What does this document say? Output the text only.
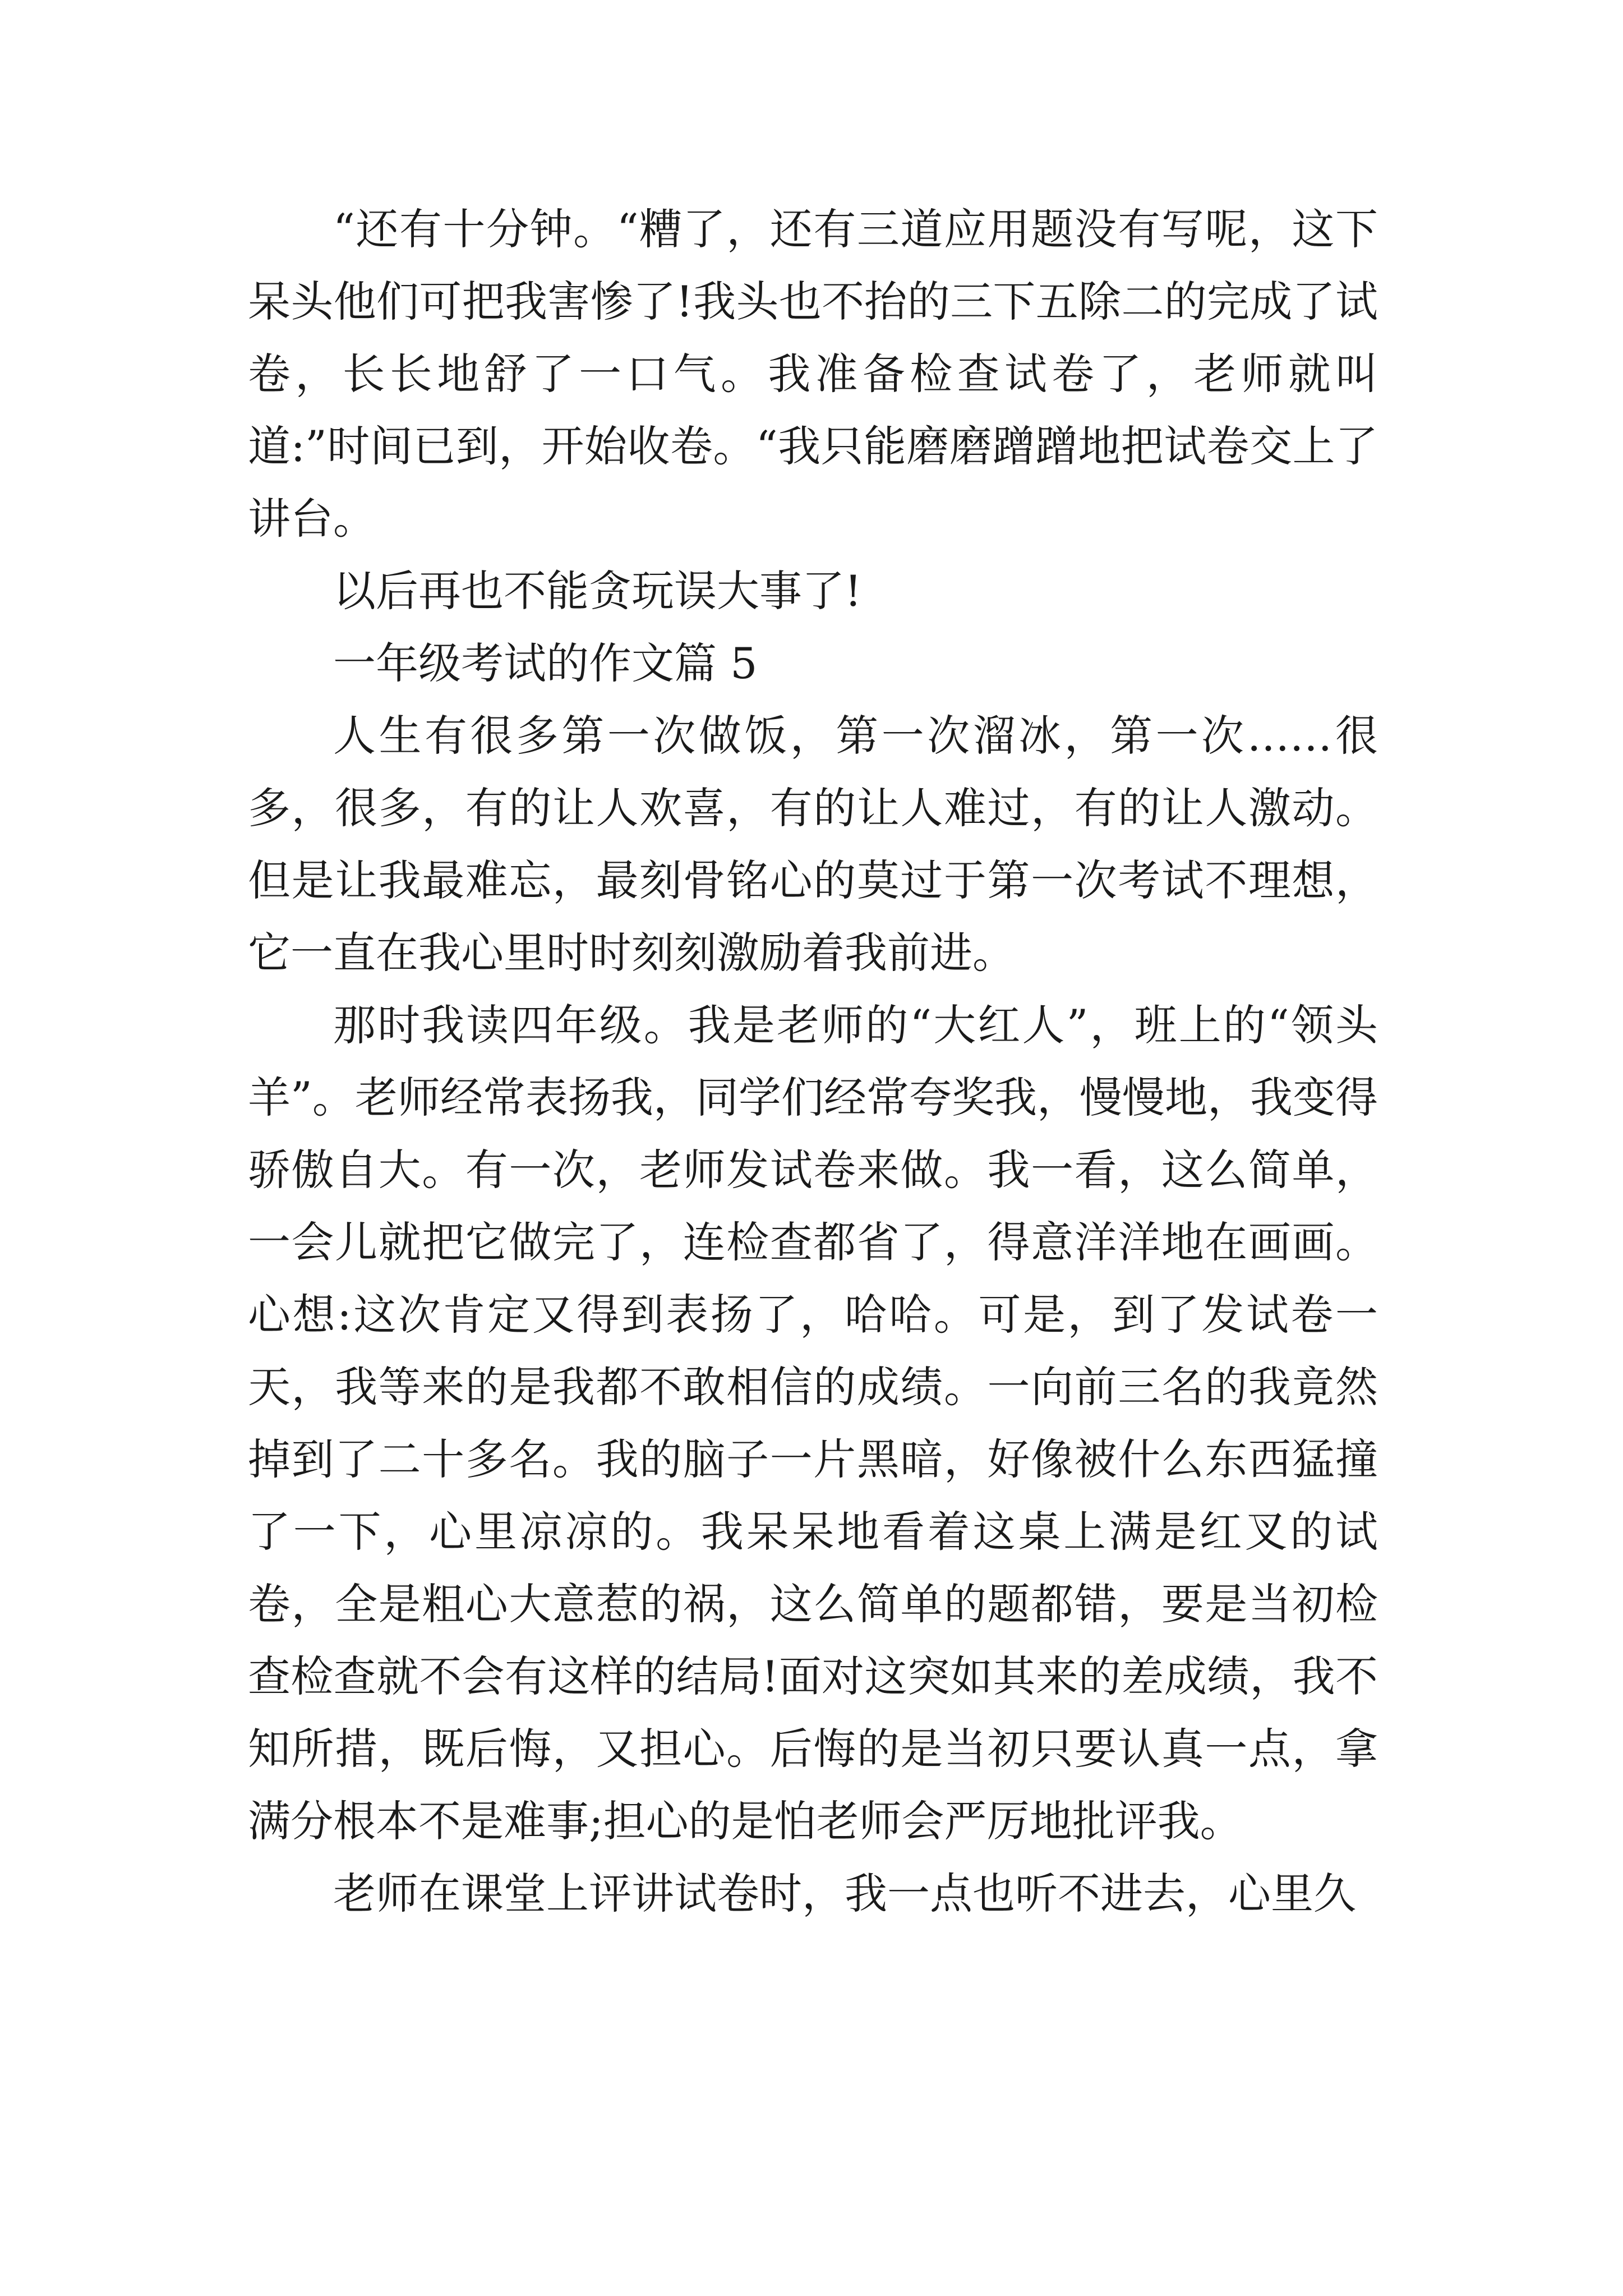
“还有十分钟。“糟了，还有三道应用题没有写呢，这下呆头他们可把我害惨了!我头也不抬的三下五除二的完成了试卷，长长地舒了一口气。我准备检查试卷了，老师就叫道:”时间已到，开始收卷。“我只能磨磨蹭蹭地把试卷交上了讲台。

以后再也不能贪玩误大事了!

一年级考试的作文篇 5

人生有很多第一次做饭，第一次溜冰，第一次……很多，很多，有的让人欢喜，有的让人难过，有的让人激动。但是让我最难忘，最刻骨铭心的莫过于第一次考试不理想，它一直在我心里时时刻刻激励着我前进。

那时我读四年级。我是老师的“大红人”，班上的“领头羊”。老师经常表扬我，同学们经常夸奖我，慢慢地，我变得骄傲自大。有一次，老师发试卷来做。我一看，这么简单，一会儿就把它做完了，连检查都省了，得意洋洋地在画画。心想:这次肯定又得到表扬了，哈哈。可是，到了发试卷一天，我等来的是我都不敢相信的成绩。一向前三名的我竟然掉到了二十多名。我的脑子一片黑暗，好像被什么东西猛撞了一下，心里凉凉的。我呆呆地看着这桌上满是红叉的试卷，全是粗心大意惹的祸，这么简单的题都错，要是当初检查检查就不会有这样的结局!面对这突如其来的差成绩，我不知所措，既后悔，又担心。后悔的是当初只要认真一点，拿满分根本不是难事;担心的是怕老师会严厉地批评我。

老师在课堂上评讲试卷时，我一点也听不进去，心里久
